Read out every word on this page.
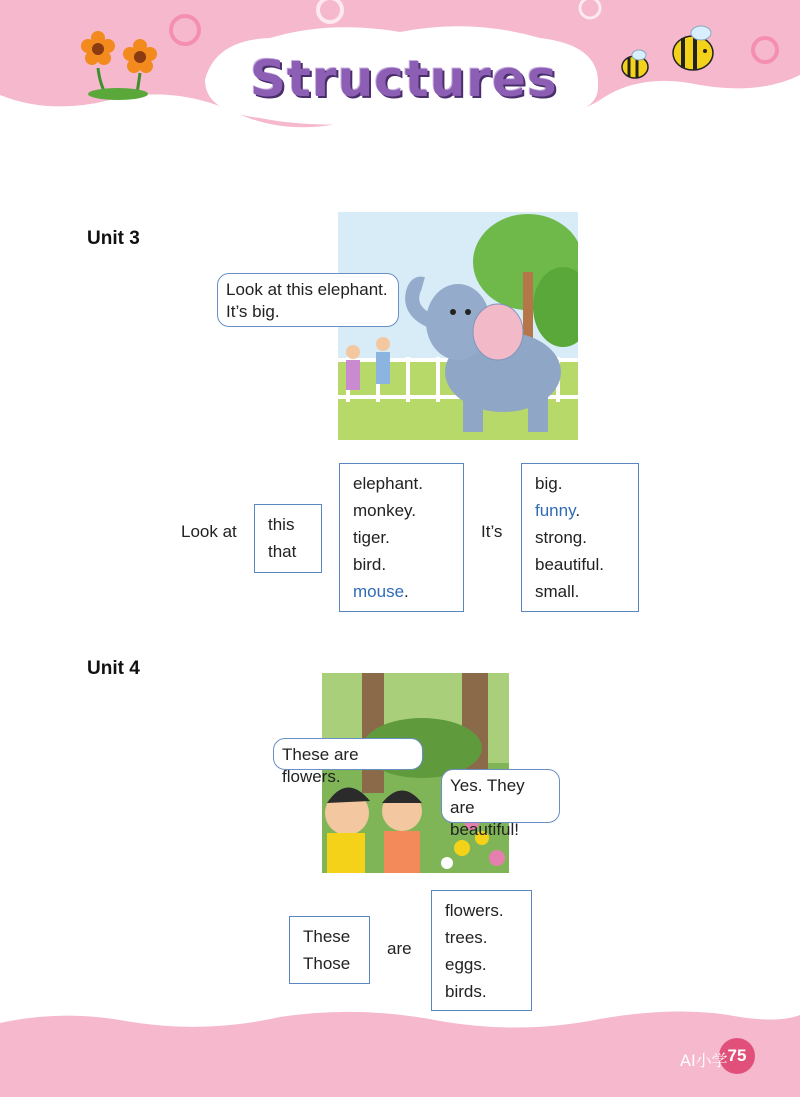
Structures
Unit 3
Look at this elephant.
It’s big.
Look at this
that
elephant.
monkey.
tiger.
bird.
mouse.
It’s
big.
funny.
strong.
beautiful.
small.
Unit 4
These are flowers.	Yes. They are
beautiful!
These
Those
are
flowers.
trees.
eggs.
birds.
75
AI小学
